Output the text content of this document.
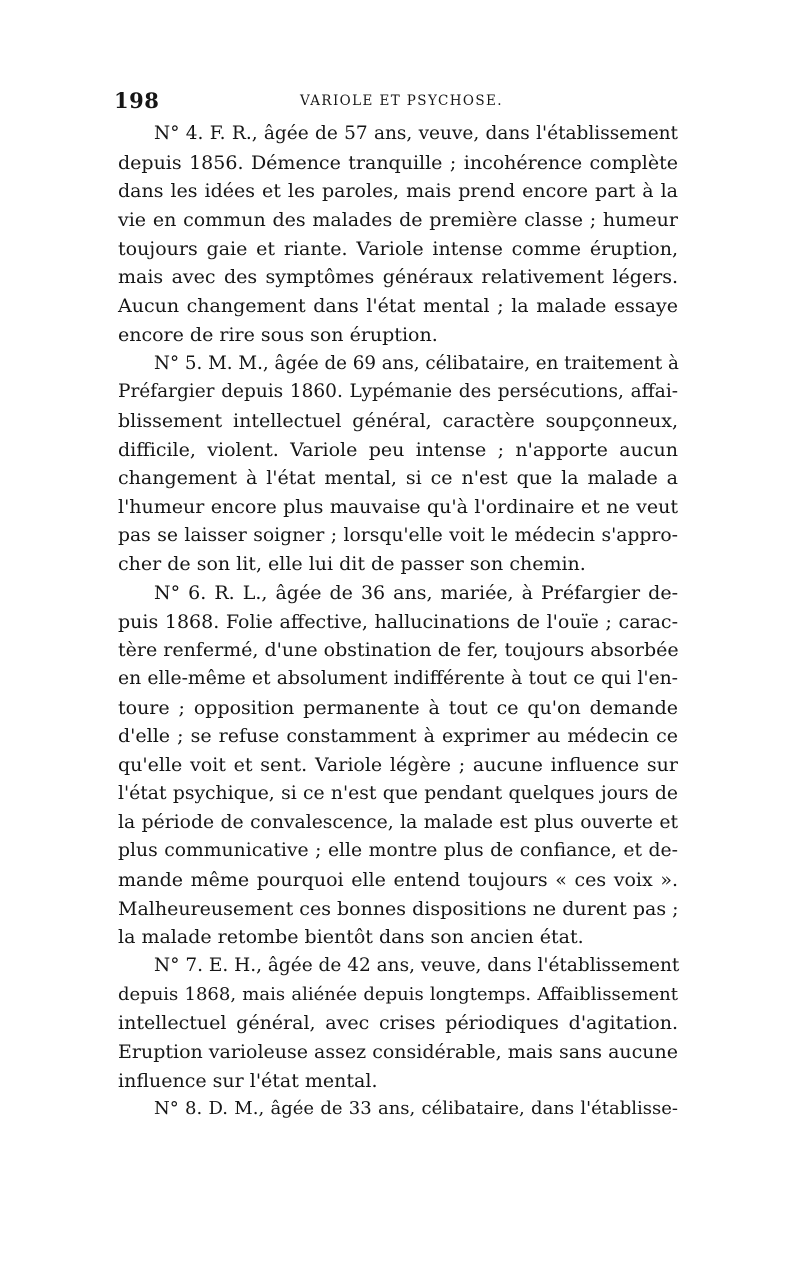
198	VARIOLE ET PSYCHOSE.
N° 4. F. R., âgée de 57 ans, veuve, dans l'établissement
depuis 1856. Démence tranquille ; incohérence complète
dans les idées et les paroles, mais prend encore part à la
vie en commun des malades de première classe ; humeur
toujours gaie et riante. Variole intense comme éruption,
mais avec des symptômes généraux relativement légers.
Aucun changement dans l'état mental ; la malade essaye
encore de rire sous son éruption.
N° 5. M. M., âgée de 69 ans, célibataire, en traitement à
Préfargier depuis 1860. Lypémanie des persécutions, affai-
blissement intellectuel général, caractère soupçonneux,
difficile, violent. Variole peu intense ; n'apporte aucun
changement à l'état mental, si ce n'est que la malade a
l'humeur encore plus mauvaise qu'à l'ordinaire et ne veut
pas se laisser soigner ; lorsqu'elle voit le médecin s'appro-
cher de son lit, elle lui dit de passer son chemin.
N° 6. R. L., âgée de 36 ans, mariée, à Préfargier de-
puis 1868. Folie affective, hallucinations de l'ouïe ; carac-
tère renfermé, d'une obstination de fer, toujours absorbée
en elle-même et absolument indifférente à tout ce qui l'en-
toure ; opposition permanente à tout ce qu'on demande
d'elle ; se refuse constamment à exprimer au médecin ce
qu'elle voit et sent. Variole légère ; aucune influence sur
l'état psychique, si ce n'est que pendant quelques jours de
la période de convalescence, la malade est plus ouverte et
plus communicative ; elle montre plus de confiance, et de-
mande même pourquoi elle entend toujours « ces voix ».
Malheureusement ces bonnes dispositions ne durent pas ;
la malade retombe bientôt dans son ancien état.
N° 7. E. H., âgée de 42 ans, veuve, dans l'établissement
depuis 1868, mais aliénée depuis longtemps. Affaiblissement
intellectuel général, avec crises périodiques d'agitation.
Eruption varioleuse assez considérable, mais sans aucune
influence sur l'état mental.
N° 8. D. M., âgée de 33 ans, célibataire, dans l'établisse-
